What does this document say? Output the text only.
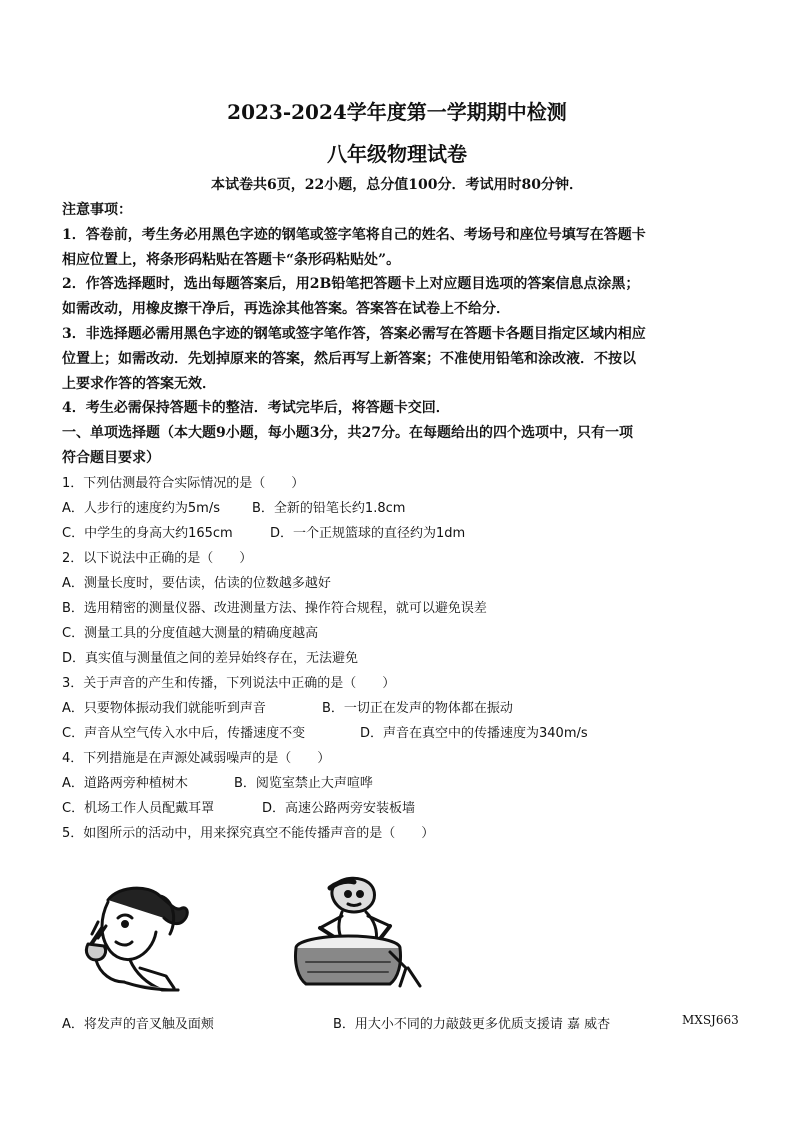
2023-2024学年度第一学期期中检测
八年级物理试卷
本试卷共6页，22小题，总分值100分．考试用时80分钟．
注意事项：
1．答卷前，考生务必用黑色字迹的钢笔或签字笔将自己的姓名、考场号和座位号填写在答题卡
相应位置上，将条形码粘贴在答题卡“条形码粘贴处”。
2．作答选择题时，选出每题答案后，用2B铅笔把答题卡上对应题目选项的答案信息点涂黑；
如需改动，用橡皮擦干净后，再选涂其他答案。答案答在试卷上不给分．
3．非选择题必需用黑色字迹的钢笔或签字笔作答，答案必需写在答题卡各题目指定区域内相应
位置上；如需改动．先划掉原来的答案，然后再写上新答案；不准使用铅笔和涂改液．不按以
上要求作答的答案无效．
4．考生必需保持答题卡的整洁．考试完毕后，将答题卡交回．
一、单项选择题（本大题9小题，每小题3分，共27分。在每题给出的四个选项中，只有一项
符合题目要求）
1．下列估测最符合实际情况的是（　　）
A．人步行的速度约为5m/s B．全新的铅笔长约1.8cm
C．中学生的身高大约165cm	D．一个正规篮球的直径约为1dm
2．以下说法中正确的是（　　）
A．测量长度时，要估读，估读的位数越多越好
B．选用精密的测量仪器、改进测量方法、操作符合规程，就可以避免误差
C．测量工具的分度值越大测量的精确度越高
D．真实值与测量值之间的差异始终存在，无法避免
3．关于声音的产生和传播，下列说法中正确的是（　　）
A．只要物体振动我们就能听到声音	B．一切正在发声的物体都在振动
C．声音从空气传入水中后，传播速度不变	D．声音在真空中的传播速度为340m/s
4．下列措施是在声源处减弱噪声的是（　　）
A．道路两旁种植树木	B．阅览室禁止大声喧哗
C．机场工作人员配戴耳罩	D．高速公路两旁安装板墙
5．如图所示的活动中，用来探究真空不能传播声音的是（　　）
A．将发声的音叉触及面颊	B．用大小不同的力敲鼓更多优质支援请 嘉 威杏	MXSJ663
